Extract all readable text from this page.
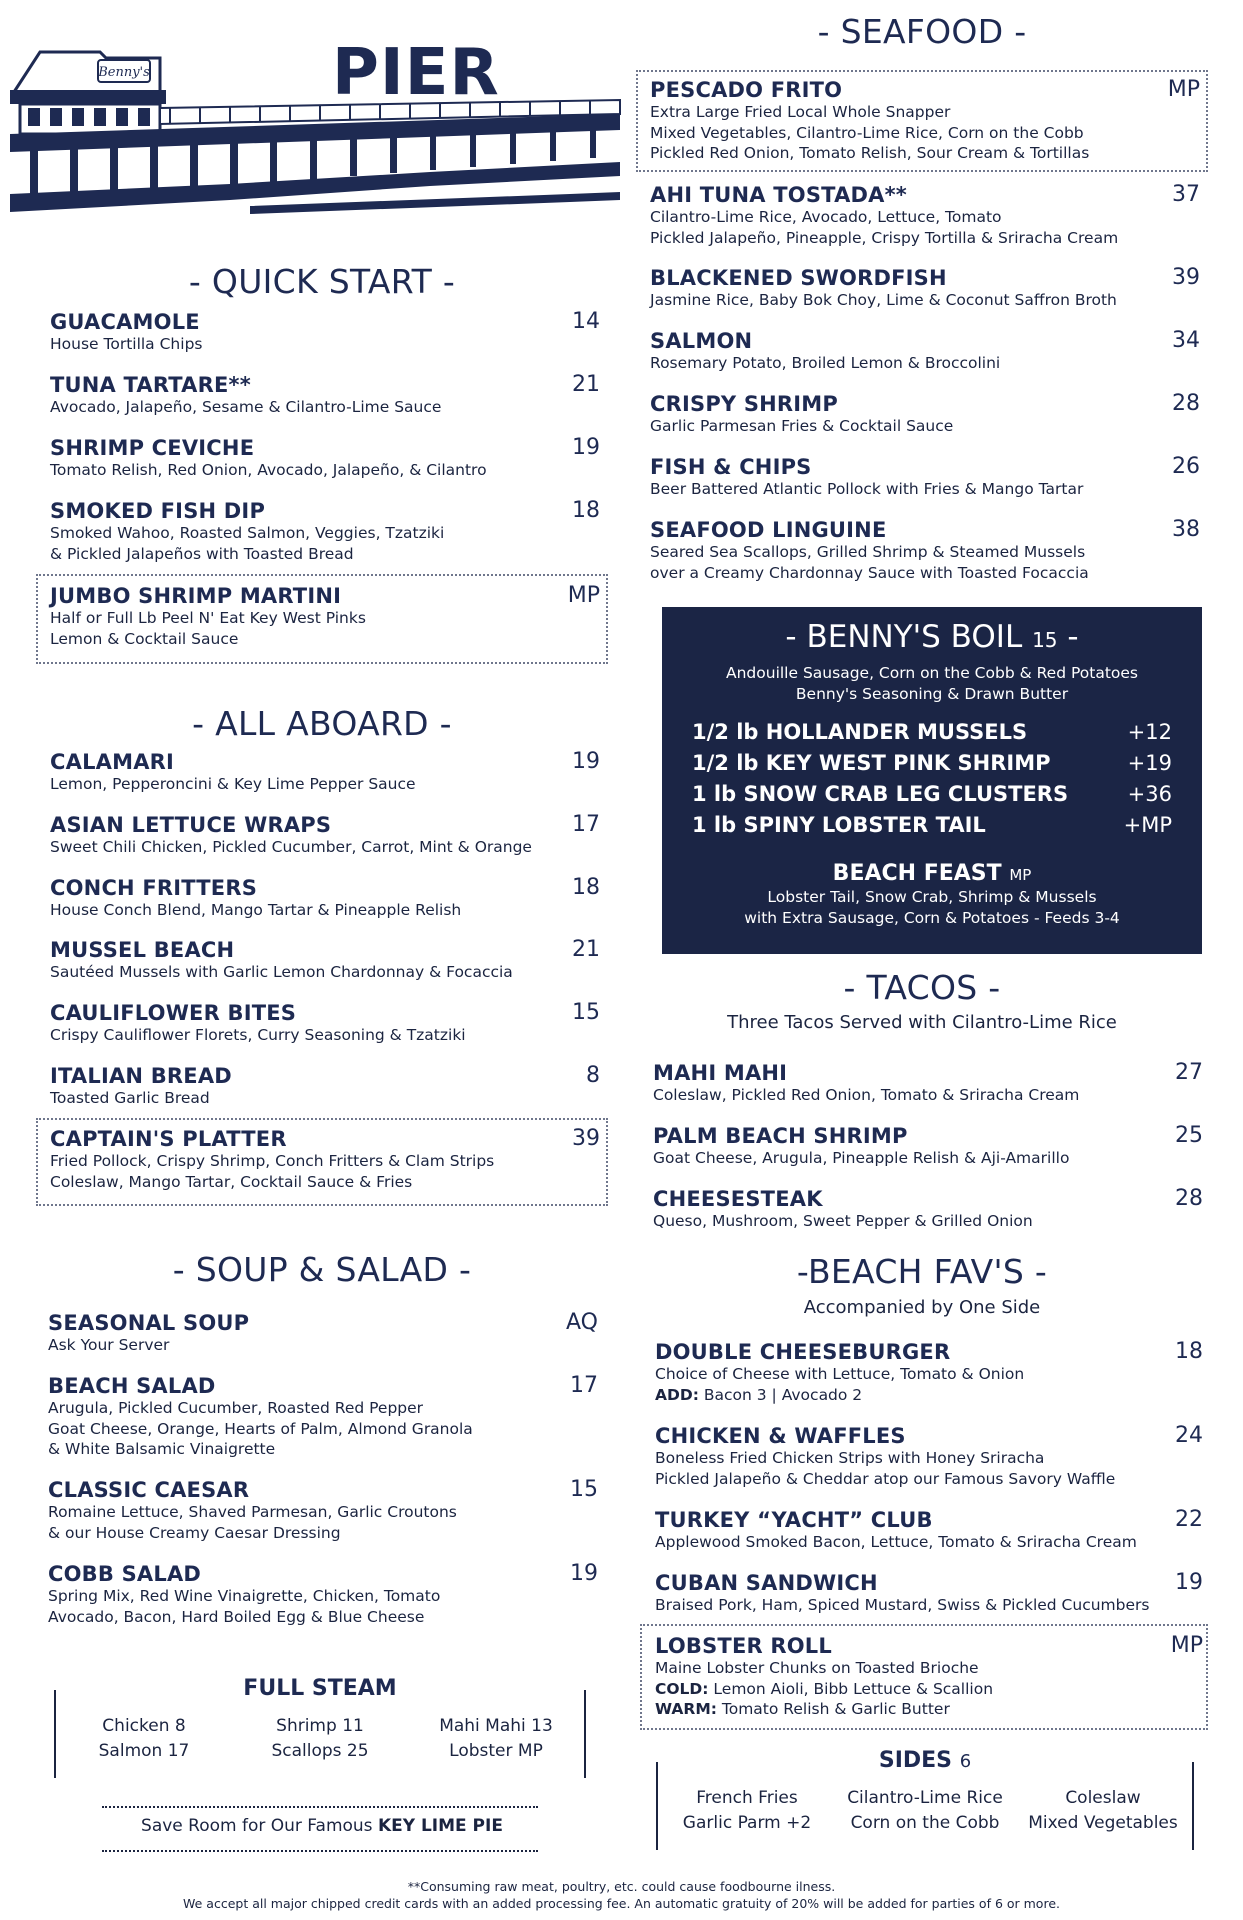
Benny's	PIER
- QUICK START -
GUACAMOLE	14
House Tortilla Chips
TUNA TARTARE**	21
Avocado, Jalapeño, Sesame & Cilantro-Lime Sauce
SHRIMP CEVICHE	19
Tomato Relish, Red Onion, Avocado, Jalapeño, & Cilantro
SMOKED FISH DIP	18
Smoked Wahoo, Roasted Salmon, Veggies, Tzatziki
& Pickled Jalapeños with Toasted Bread
JUMBO SHRIMP MARTINI	MP
Half or Full Lb Peel N' Eat Key West Pinks
Lemon & Cocktail Sauce
- ALL ABOARD -
CALAMARI	19
Lemon, Pepperoncini & Key Lime Pepper Sauce
ASIAN LETTUCE WRAPS	17
Sweet Chili Chicken, Pickled Cucumber, Carrot, Mint & Orange
CONCH FRITTERS	18
House Conch Blend, Mango Tartar & Pineapple Relish
MUSSEL BEACH	21
Sautéed Mussels with Garlic Lemon Chardonnay & Focaccia
CAULIFLOWER BITES	15
Crispy Cauliflower Florets, Curry Seasoning & Tzatziki
ITALIAN BREAD	8
Toasted Garlic Bread
CAPTAIN'S PLATTER	39
Fried Pollock, Crispy Shrimp, Conch Fritters & Clam Strips
Coleslaw, Mango Tartar, Cocktail Sauce & Fries
- SOUP & SALAD -
SEASONAL SOUP	AQ
Ask Your Server
BEACH SALAD	17
Arugula, Pickled Cucumber, Roasted Red Pepper
Goat Cheese, Orange, Hearts of Palm, Almond Granola
& White Balsamic Vinaigrette
CLASSIC CAESAR	15
Romaine Lettuce, Shaved Parmesan, Garlic Croutons
& our House Creamy Caesar Dressing
COBB SALAD	19
Spring Mix, Red Wine Vinaigrette, Chicken, Tomato
Avocado, Bacon, Hard Boiled Egg & Blue Cheese
FULL STEAM
Chicken 8	Shrimp 11	Mahi Mahi 13
Salmon 17	Scallops 25	Lobster MP
Save Room for Our Famous KEY LIME PIE
- SEAFOOD -
PESCADO FRITO	MP
Extra Large Fried Local Whole Snapper
Mixed Vegetables, Cilantro-Lime Rice, Corn on the Cobb
Pickled Red Onion, Tomato Relish, Sour Cream & Tortillas
AHI TUNA TOSTADA**	37
Cilantro-Lime Rice, Avocado, Lettuce, Tomato
Pickled Jalapeño, Pineapple, Crispy Tortilla & Sriracha Cream
BLACKENED SWORDFISH	39
Jasmine Rice, Baby Bok Choy, Lime & Coconut Saffron Broth
SALMON	34
Rosemary Potato, Broiled Lemon & Broccolini
CRISPY SHRIMP	28
Garlic Parmesan Fries & Cocktail Sauce
FISH & CHIPS	26
Beer Battered Atlantic Pollock with Fries & Mango Tartar
SEAFOOD LINGUINE	38
Seared Sea Scallops, Grilled Shrimp & Steamed Mussels
over a Creamy Chardonnay Sauce with Toasted Focaccia
- TACOS -
Three Tacos Served with Cilantro-Lime Rice
MAHI MAHI	27
Coleslaw, Pickled Red Onion, Tomato & Sriracha Cream
PALM BEACH SHRIMP	25
Goat Cheese, Arugula, Pineapple Relish & Aji-Amarillo
CHEESESTEAK	28
Queso, Mushroom, Sweet Pepper & Grilled Onion
-BEACH FAV'S -
Accompanied by One Side
DOUBLE CHEESEBURGER	18
Choice of Cheese with Lettuce, Tomato & Onion
ADD: Bacon 3 | Avocado 2
CHICKEN & WAFFLES	24
Boneless Fried Chicken Strips with Honey Sriracha
Pickled Jalapeño & Cheddar atop our Famous Savory Waffle
TURKEY “YACHT” CLUB	22
Applewood Smoked Bacon, Lettuce, Tomato & Sriracha Cream
CUBAN SANDWICH	19
Braised Pork, Ham, Spiced Mustard, Swiss & Pickled Cucumbers
LOBSTER ROLL	MP
Maine Lobster Chunks on Toasted Brioche
COLD: Lemon Aioli, Bibb Lettuce & Scallion
WARM: Tomato Relish & Garlic Butter
SIDES 6
French Fries	Cilantro-Lime Rice	Coleslaw
Garlic Parm +2	Corn on the Cobb	Mixed Vegetables
- BENNY'S BOIL 15 -
Andouille Sausage, Corn on the Cobb & Red Potatoes
Benny's Seasoning & Drawn Butter
1/2 lb HOLLANDER MUSSELS	+12
1/2 lb KEY WEST PINK SHRIMP	+19
1 lb SNOW CRAB LEG CLUSTERS	+36
1 lb SPINY LOBSTER TAIL	+MP
BEACH FEAST MP
Lobster Tail, Snow Crab, Shrimp & Mussels
with Extra Sausage, Corn & Potatoes - Feeds 3-4
**Consuming raw meat, poultry, etc. could cause foodbourne ilness.
We accept all major chipped credit cards with an added processing fee. An automatic gratuity of 20% will be added for parties of 6 or more.
